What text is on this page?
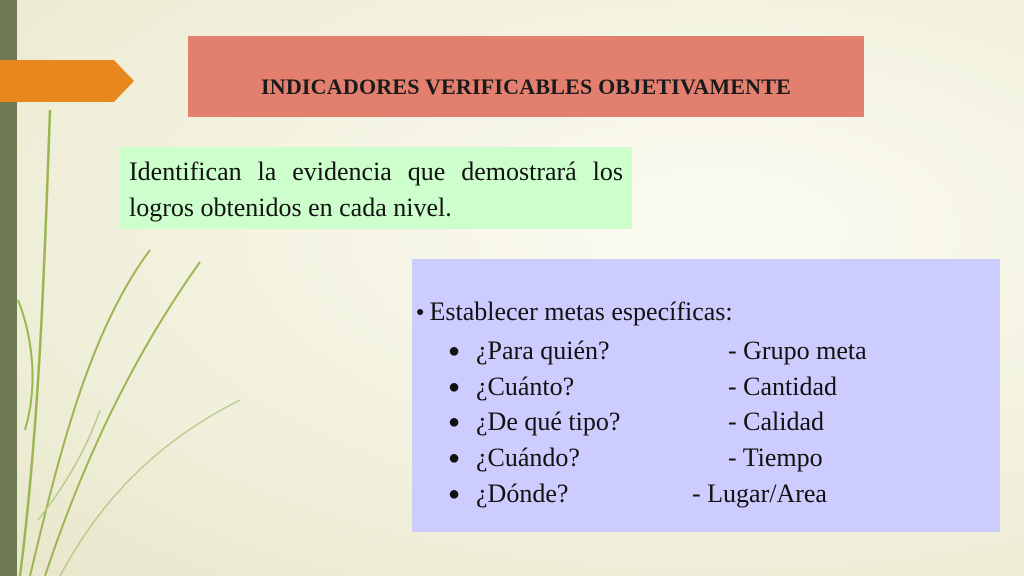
INDICADORES VERIFICABLES OBJETIVAMENTE
Identifican la evidencia que demostrará los logros obtenidos en cada nivel.
● Establecer metas específicas:
● ¿Para quién?	- Grupo meta
● ¿Cuánto?	- Cantidad
● ¿De qué tipo?	- Calidad
● ¿Cuándo?	- Tiempo
● ¿Dónde?	- Lugar/Area
